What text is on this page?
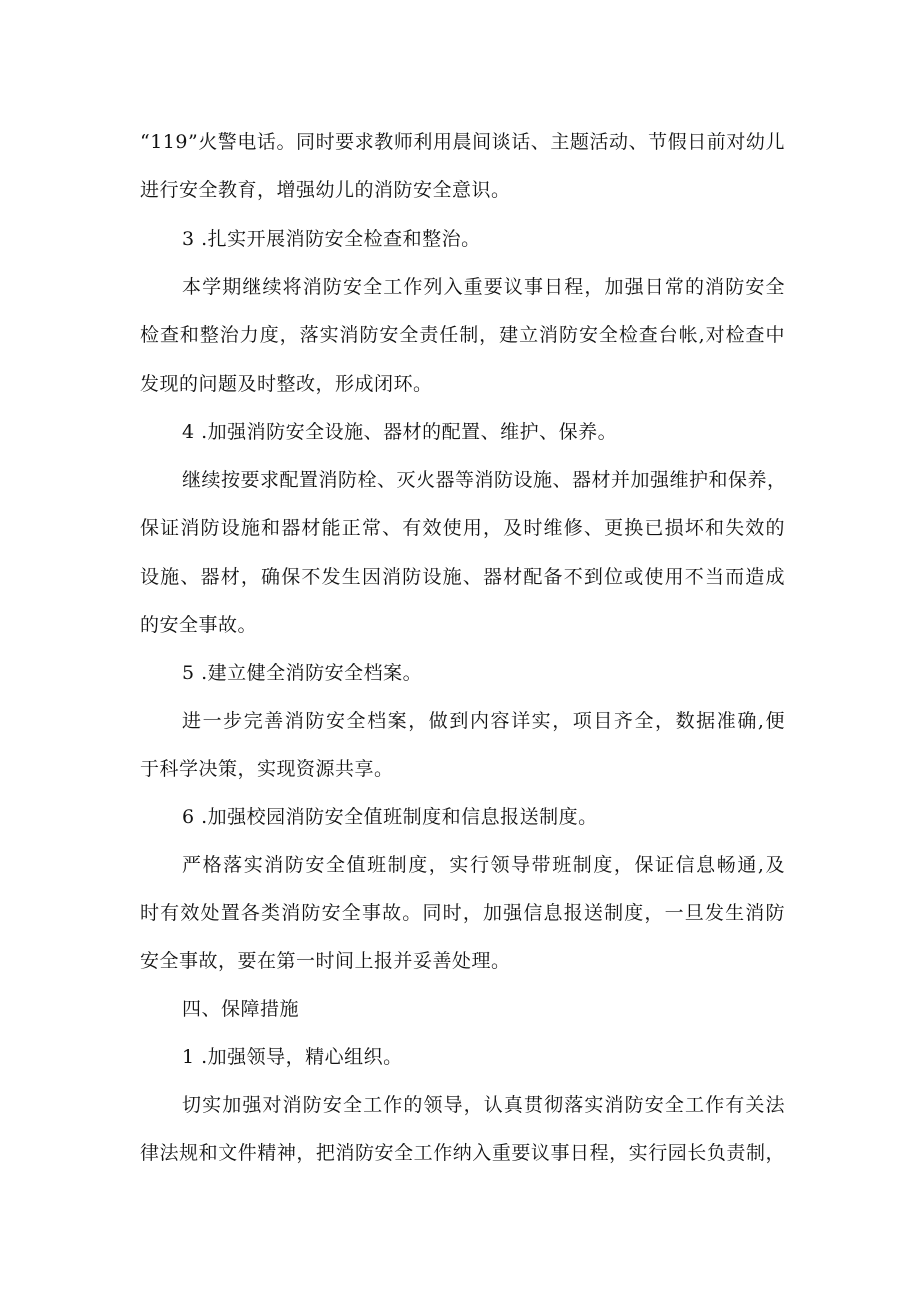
“119”火警电话。同时要求教师利用晨间谈话、主题活动、节假日前对幼儿
进行安全教育，增强幼儿的消防安全意识。
3 .扎实开展消防安全检查和整治。
本学期继续将消防安全工作列入重要议事日程，加强日常的消防安全
检查和整治力度，落实消防安全责任制，建立消防安全检查台帐,对检查中
发现的问题及时整改，形成闭环。
4 .加强消防安全设施、器材的配置、维护、保养。
继续按要求配置消防栓、灭火器等消防设施、器材并加强维护和保养，
保证消防设施和器材能正常、有效使用，及时维修、更换已损坏和失效的
设施、器材，确保不发生因消防设施、器材配备不到位或使用不当而造成
的安全事故。
5 .建立健全消防安全档案。
进一步完善消防安全档案，做到内容详实，项目齐全，数据准确,便
于科学决策，实现资源共享。
6 .加强校园消防安全值班制度和信息报送制度。
严格落实消防安全值班制度，实行领导带班制度，保证信息畅通,及
时有效处置各类消防安全事故。同时，加强信息报送制度，一旦发生消防
安全事故，要在第一时间上报并妥善处理。
四、保障措施
1 .加强领导，精心组织。
切实加强对消防安全工作的领导，认真贯彻落实消防安全工作有关法
律法规和文件精神，把消防安全工作纳入重要议事日程，实行园长负责制，
